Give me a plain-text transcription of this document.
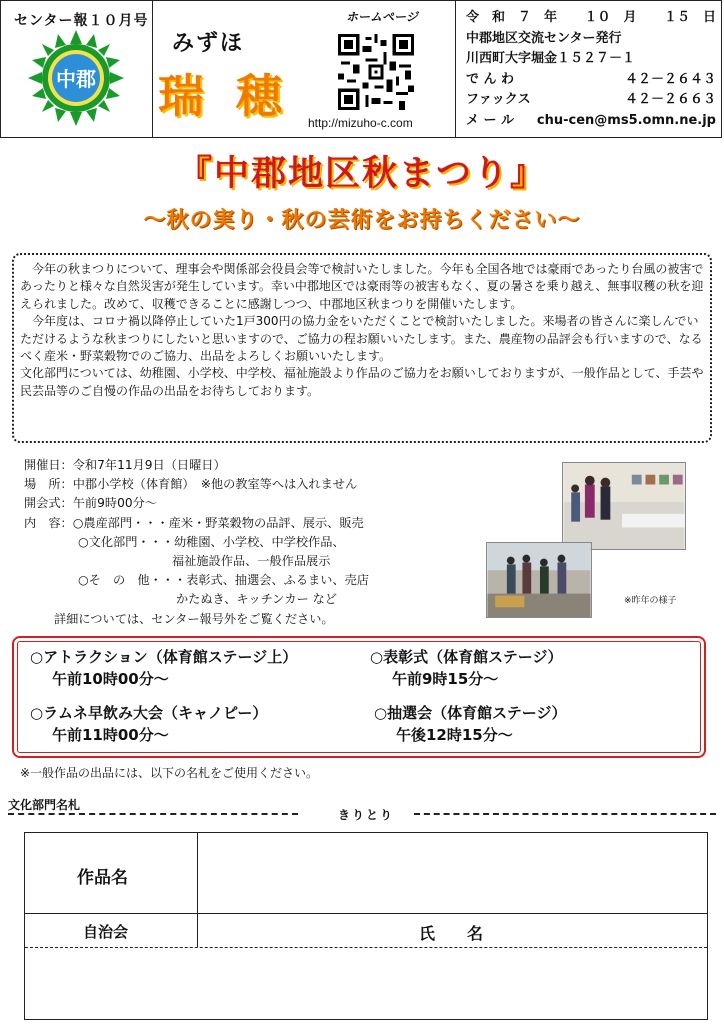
センター報１０月号
中郡
みずほ
瑞 穂
ホームページ
http://mizuho-c.com
令　和　７　年 １０　月 １５　日
中郡地区交流センター発行
川西町大字堀金１５２７－１
で ん わ	４２－２６４３
ファックス	４２－２６６３
メ ー ル chu-cen@ms5.omn.ne.jp
『中郡地区秋まつり』
～秋の実り・秋の芸術をお持ちください～

今年の秋まつりについて、理事会や関係部会役員会等で検討いたしました。今年も全国各地では豪雨であったり台風の被害であったりと様々な自然災害が発生しています。幸い中郡地区では豪雨等の被害もなく、夏の暑さを乗り越え、無事収穫の秋を迎えられました。改めて、収穫できることに感謝しつつ、中郡地区秋まつりを開催いたします。

今年度は、コロナ禍以降停止していた1戸300円の協力金をいただくことで検討いたしました。来場者の皆さんに楽しんでいただけるような秋まつりにしたいと思いますので、ご協力の程お願いいたします。また、農産物の品評会も行いますので、なるべく産米・野菜穀物でのご協力、出品をよろしくお願いいたします。

文化部門については、幼稚園、小学校、中学校、福祉施設より作品のご協力をお願いしておりますが、一般作品として、手芸や民芸品等のご自慢の作品の出品をお待ちしております。

開催日：令和7年11月9日（日曜日）
場　所：中郡小学校（体育館）　※他の教室等へは入れません
開会式：午前9時00分～
内　容：○農産部門・・・産米・野菜穀物の品評、展示、販売
○文化部門・・・幼稚園、小学校、中学校作品、
福祉施設作品、一般作品展示
○そ　の　他・・・表彰式、抽選会、ふるまい、売店
かたぬき、キッチンカー など
詳細については、センター報号外をご覧ください。
※昨年の様子
○アトラクション（体育館ステージ上）
午前10時00分～
○表彰式（体育館ステージ）
午前9時15分～
○ラムネ早飲み大会（キャノピー）
午前11時00分～
○抽選会（体育館ステージ）
午後12時15分～
※一般作品の出品には、以下の名札をご使用ください。
文化部門名札
きりとり
作品名
自治会	氏　　名
